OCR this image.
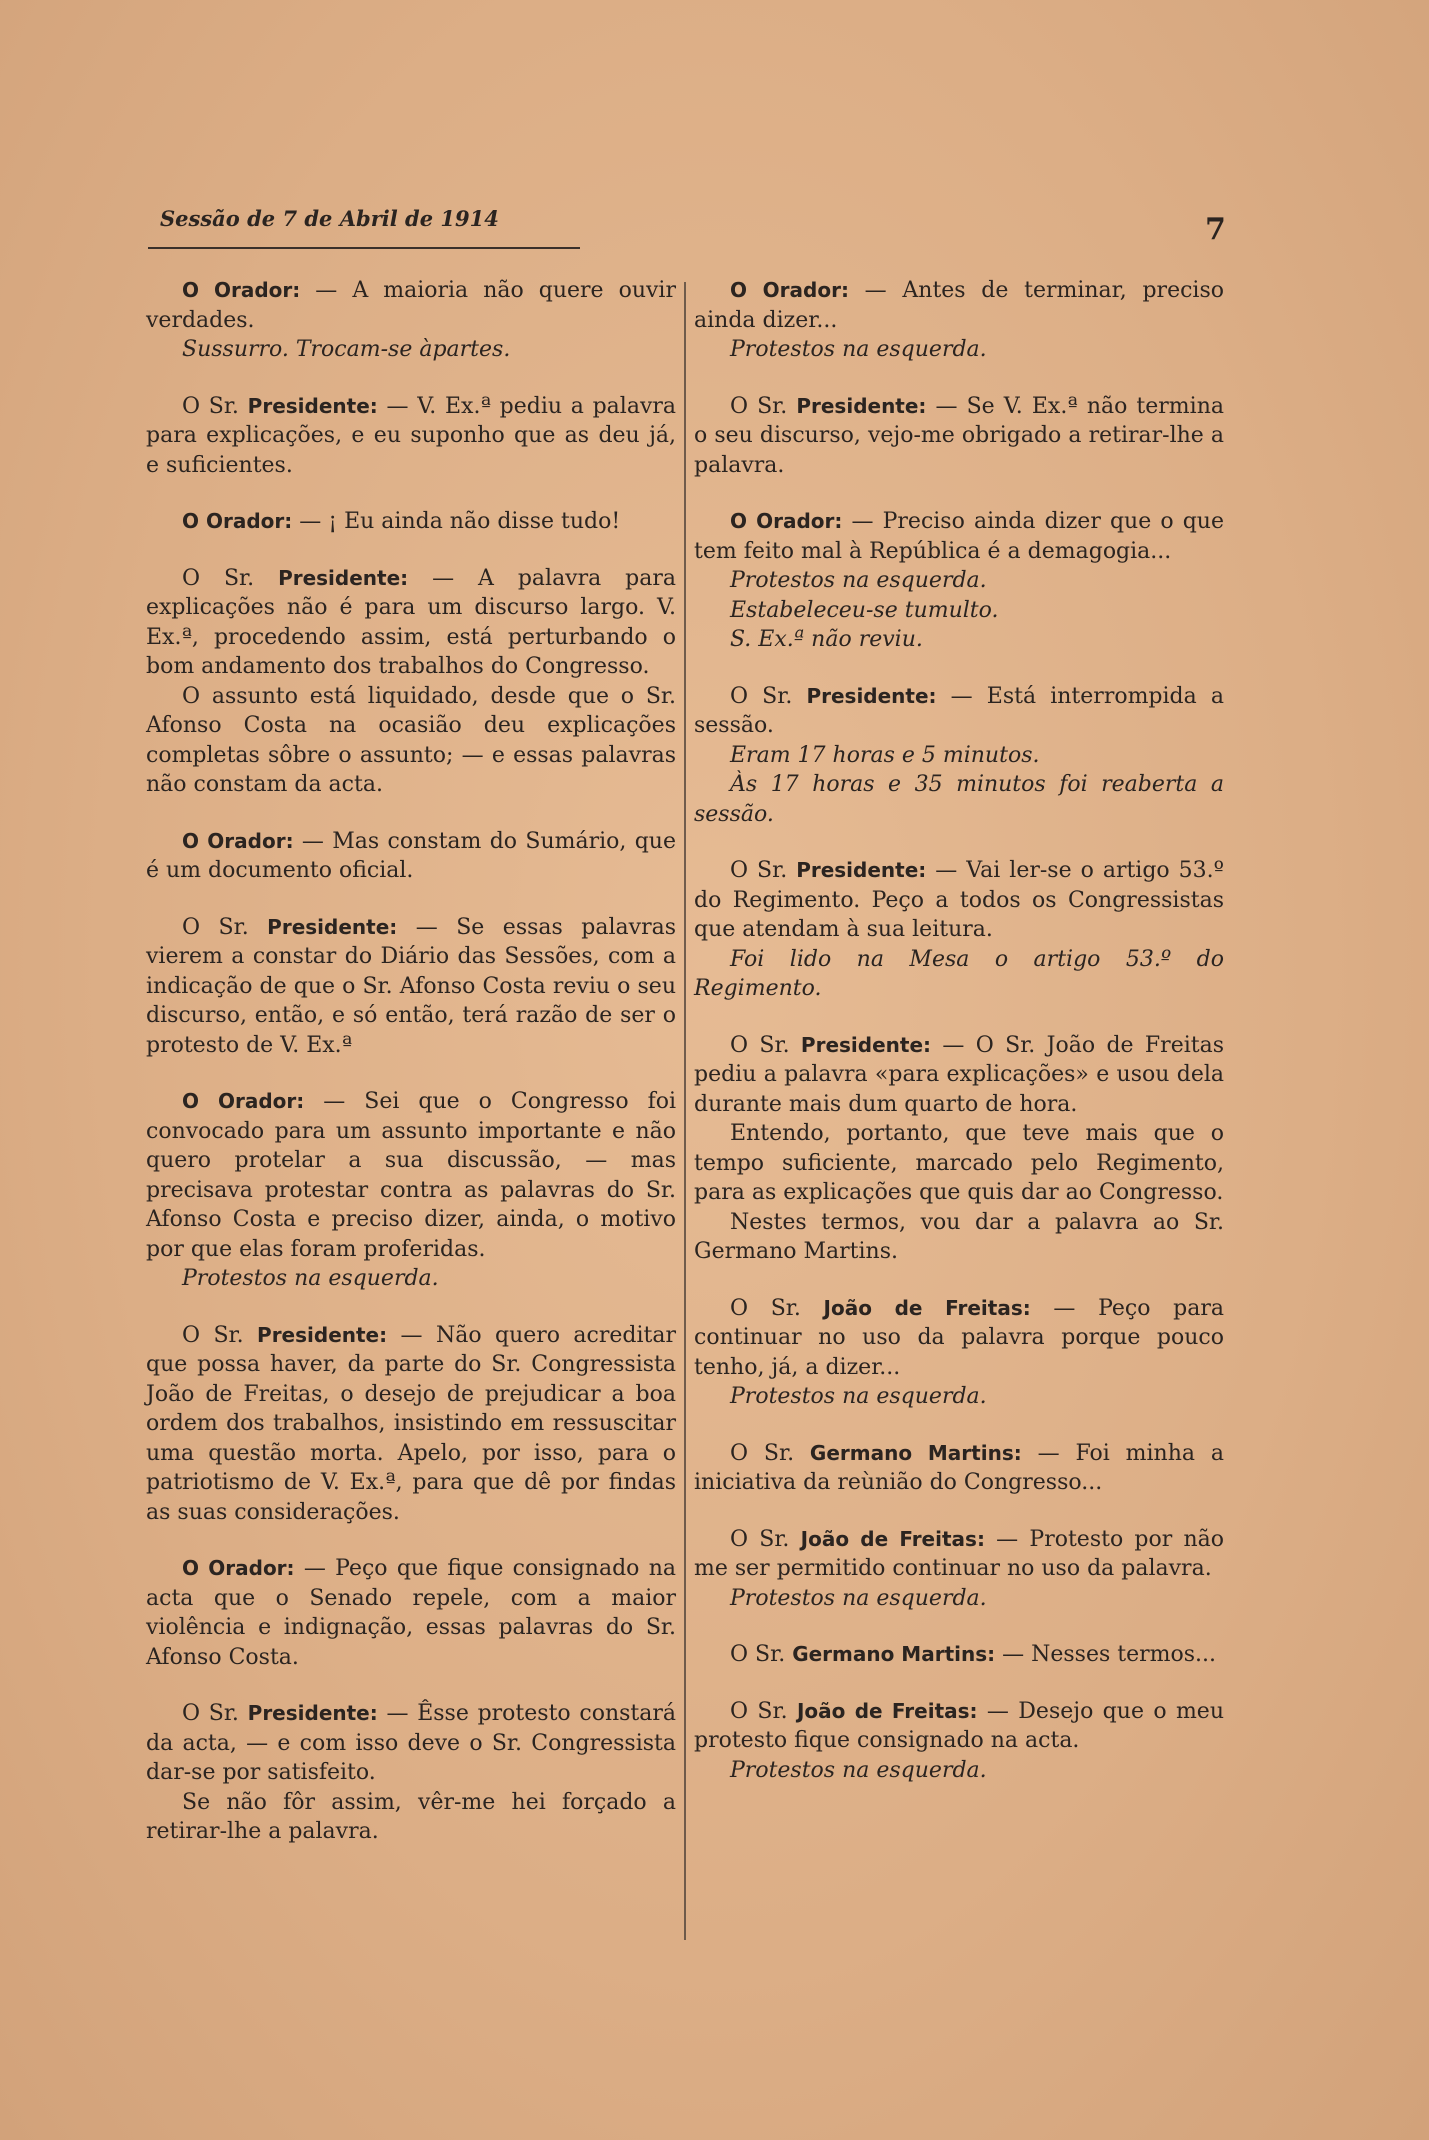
Sessão de 7 de Abril de 1914	7

O Orador: — A maioria não quere ouvir verdades.

Sussurro. Trocam-se àpartes.

O Sr. Presidente: — V. Ex.ª pediu a palavra para explicações, e eu suponho que as deu já, e suficientes.

O Orador: — ¡ Eu ainda não disse tudo!

O Sr. Presidente: — A palavra para explicações não é para um discurso largo. V. Ex.ª, procedendo assim, está perturbando o bom andamento dos trabalhos do Congresso.

O assunto está liquidado, desde que o Sr. Afonso Costa na ocasião deu explicações completas sôbre o assunto; — e essas palavras não constam da acta.

O Orador: — Mas constam do Sumário, que é um documento oficial.

O Sr. Presidente: — Se essas palavras vierem a constar do Diário das Sessões, com a indicação de que o Sr. Afonso Costa reviu o seu discurso, então, e só então, terá razão de ser o protesto de V. Ex.ª

O Orador: — Sei que o Congresso foi convocado para um assunto importante e não quero protelar a sua discussão, — mas precisava protestar contra as palavras do Sr. Afonso Costa e preciso dizer, ainda, o motivo por que elas foram proferidas.

Protestos na esquerda.

O Sr. Presidente: — Não quero acreditar que possa haver, da parte do Sr. Congressista João de Freitas, o desejo de prejudicar a boa ordem dos trabalhos, insistindo em ressuscitar uma questão morta. Apelo, por isso, para o patriotismo de V. Ex.ª, para que dê por findas as suas considerações.

O Orador: — Peço que fique consignado na acta que o Senado repele, com a maior violência e indignação, essas palavras do Sr. Afonso Costa.

O Sr. Presidente: — Êsse protesto constará da acta, — e com isso deve o Sr. Congressista dar-se por satisfeito.

Se não fôr assim, vêr-me hei forçado a retirar-lhe a palavra.

O Orador: — Antes de terminar, preciso ainda dizer...

Protestos na esquerda.

O Sr. Presidente: — Se V. Ex.ª não termina o seu discurso, vejo-me obrigado a retirar-lhe a palavra.

O Orador: — Preciso ainda dizer que o que tem feito mal à República é a demagogia...

Protestos na esquerda.

Estabeleceu-se tumulto.

S. Ex.ª não reviu.

O Sr. Presidente: — Está interrompida a sessão.

Eram 17 horas e 5 minutos.

Às 17 horas e 35 minutos foi reaberta a sessão.

O Sr. Presidente: — Vai ler-se o artigo 53.º do Regimento. Peço a todos os Congressistas que atendam à sua leitura.

Foi lido na Mesa o artigo 53.º do Regimento.

O Sr. Presidente: — O Sr. João de Freitas pediu a palavra «para explicações» e usou dela durante mais dum quarto de hora.

Entendo, portanto, que teve mais que o tempo suficiente, marcado pelo Regimento, para as explicações que quis dar ao Congresso.

Nestes termos, vou dar a palavra ao Sr. Germano Martins.

O Sr. João de Freitas: — Peço para continuar no uso da palavra porque pouco tenho, já, a dizer...

Protestos na esquerda.

O Sr. Germano Martins: — Foi minha a iniciativa da reùnião do Congresso...

O Sr. João de Freitas: — Protesto por não me ser permitido continuar no uso da palavra.

Protestos na esquerda.

O Sr. Germano Martins: — Nesses termos...

O Sr. João de Freitas: — Desejo que o meu protesto fique consignado na acta.

Protestos na esquerda.
